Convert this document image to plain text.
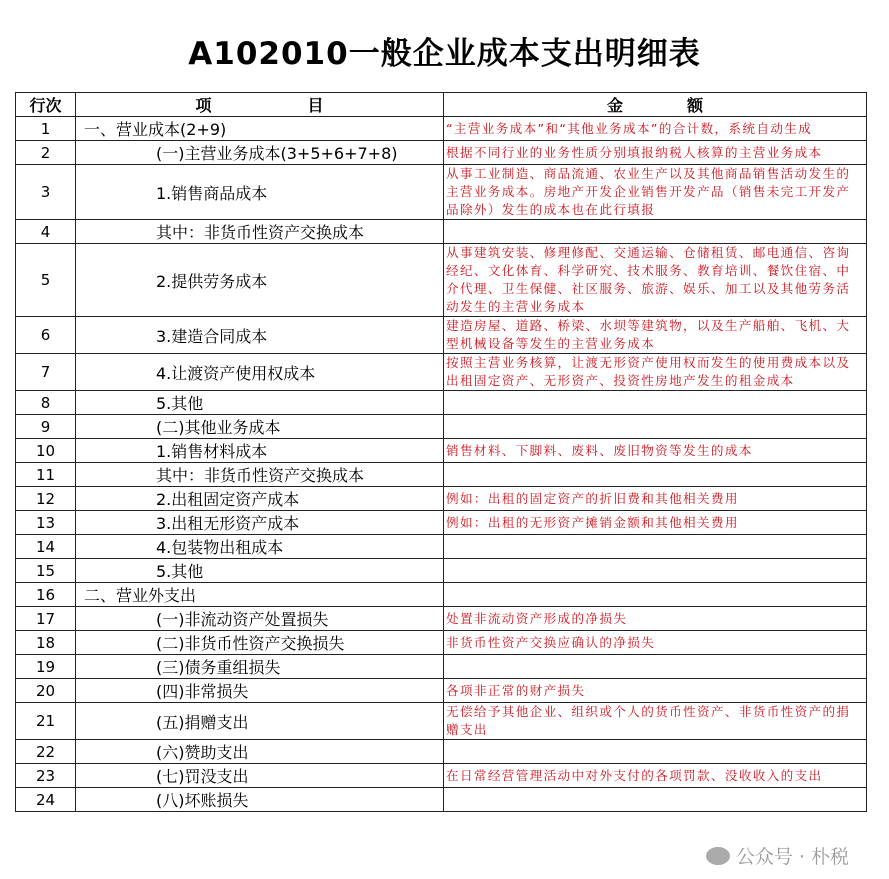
A102010一般企业成本支出明细表
行次	项　　　　　　目	金　　　　额
1	一、营业成本(2+9)	“主营业务成本”和“其他业务成本”的合计数，系统自动生成
2	(一)主营业务成本(3+5+6+7+8)	根据不同行业的业务性质分别填报纳税人核算的主营业务成本
3	1.销售商品成本	从事工业制造、商品流通、农业生产以及其他商品销售活动发生的主营业务成本。房地产开发企业销售开发产品（销售未完工开发产品除外）发生的成本也在此行填报
4	其中：非货币性资产交换成本	
5	2.提供劳务成本	从事建筑安装、修理修配、交通运输、仓储租赁、邮电通信、咨询经纪、文化体育、科学研究、技术服务、教育培训、餐饮住宿、中介代理、卫生保健、社区服务、旅游、娱乐、加工以及其他劳务活动发生的主营业务成本
6	3.建造合同成本	建造房屋、道路、桥梁、水坝等建筑物，以及生产船舶、飞机、大型机械设备等发生的主营业务成本
7	4.让渡资产使用权成本	按照主营业务核算，让渡无形资产使用权而发生的使用费成本以及出租固定资产、无形资产、投资性房地产发生的租金成本
8	5.其他	
9	(二)其他业务成本	
10	1.销售材料成本	销售材料、下脚料、废料、废旧物资等发生的成本
11	其中：非货币性资产交换成本	
12	2.出租固定资产成本	例如：出租的固定资产的折旧费和其他相关费用
13	3.出租无形资产成本	例如：出租的无形资产摊销金额和其他相关费用
14	4.包装物出租成本	
15	5.其他	
16	二、营业外支出	
17	(一)非流动资产处置损失	处置非流动资产形成的净损失
18	(二)非货币性资产交换损失	非货币性资产交换应确认的净损失
19	(三)债务重组损失	
20	(四)非常损失	各项非正常的财产损失
21	(五)捐赠支出	无偿给予其他企业、组织或个人的货币性资产、非货币性资产的捐赠支出
22	(六)赞助支出	
23	(七)罚没支出	在日常经营管理活动中对外支付的各项罚款、没收收入的支出
24	(八)坏账损失	
公众号 · 朴税
